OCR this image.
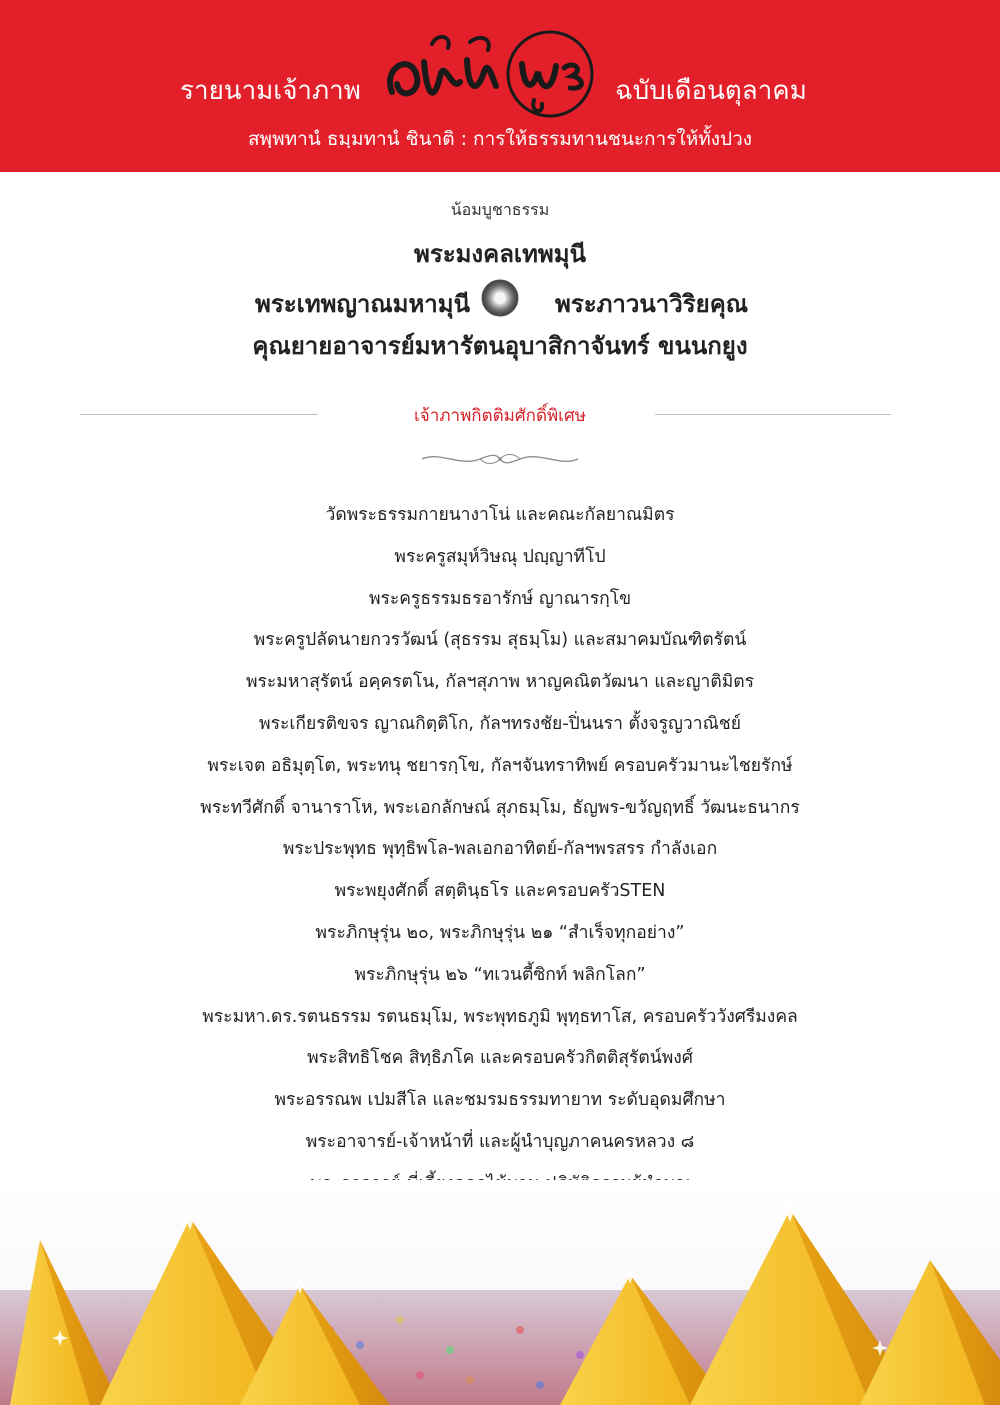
รายนามเจ้าภาพ	ฉบับเดือนตุลาคม
สพฺพทานํ ธมฺมทานํ ชินาติ : การให้ธรรมทานชนะการให้ทั้งปวง
น้อมบูชาธรรม
พระมงคลเทพมุนี
พระเทพญาณมหามุนี	พระภาวนาวิริยคุณ
คุณยายอาจารย์มหารัตนอุบาสิกาจันทร์ ขนนกยูง
เจ้าภาพกิตติมศักดิ์พิเศษ
วัดพระธรรมกายนางาโน่ และคณะกัลยาณมิตร
พระครูสมุห์วิษณุ ปญฺญาทีโป
พระครูธรรมธรอารักษ์ ญาณารกฺโข
พระครูปลัดนายกวรวัฒน์ (สุธรรม สุธมฺโม) และสมาคมบัณฑิตรัตน์
พระมหาสุรัตน์ อคฺครตโน, กัลฯสุภาพ หาญคณิตวัฒนา และญาติมิตร
พระเกียรติขจร ญาณกิตฺติโก, กัลฯทรงชัย-ปิ่นนรา ตั้งจรูญวาณิชย์
พระเจต อธิมุตฺโต, พระทนุ ชยารกฺโข, กัลฯจันทราทิพย์ ครอบครัวมานะไชยรักษ์
พระทวีศักดิ์ จานาราโห, พระเอกลักษณ์ สุภธมฺโม, ธัญพร-ขวัญฤทธิ์ วัฒนะธนากร
พระประพุทธ พุทฺธิพโล-พลเอกอาทิตย์-กัลฯพรสรร กำลังเอก
พระพยุงศักดิ์ สตฺตินฺธโร และครอบครัวSTEN
พระภิกษุรุ่น ๒๐, พระภิกษุรุ่น ๒๑ “สำเร็จทุกอย่าง”
พระภิกษุรุ่น ๒๖ “ทเวนตี้ซิกท์ พลิกโลก”
พระมหา.ดร.รตนธรรม รตนธมฺโม, พระพุทธภูมิ พุทฺธทาโส, ครอบครัววังศรีมงคล
พระสิทธิโชค สิทฺธิภโค และครอบครัวกิตติสุรัตน์พงศ์
พระอรรณพ เปมสีโล และชมรมธรรมทายาท ระดับอุดมศึกษา
พระอาจารย์-เจ้าหน้าที่ และผู้นำบุญภาคนครหลวง ๘
